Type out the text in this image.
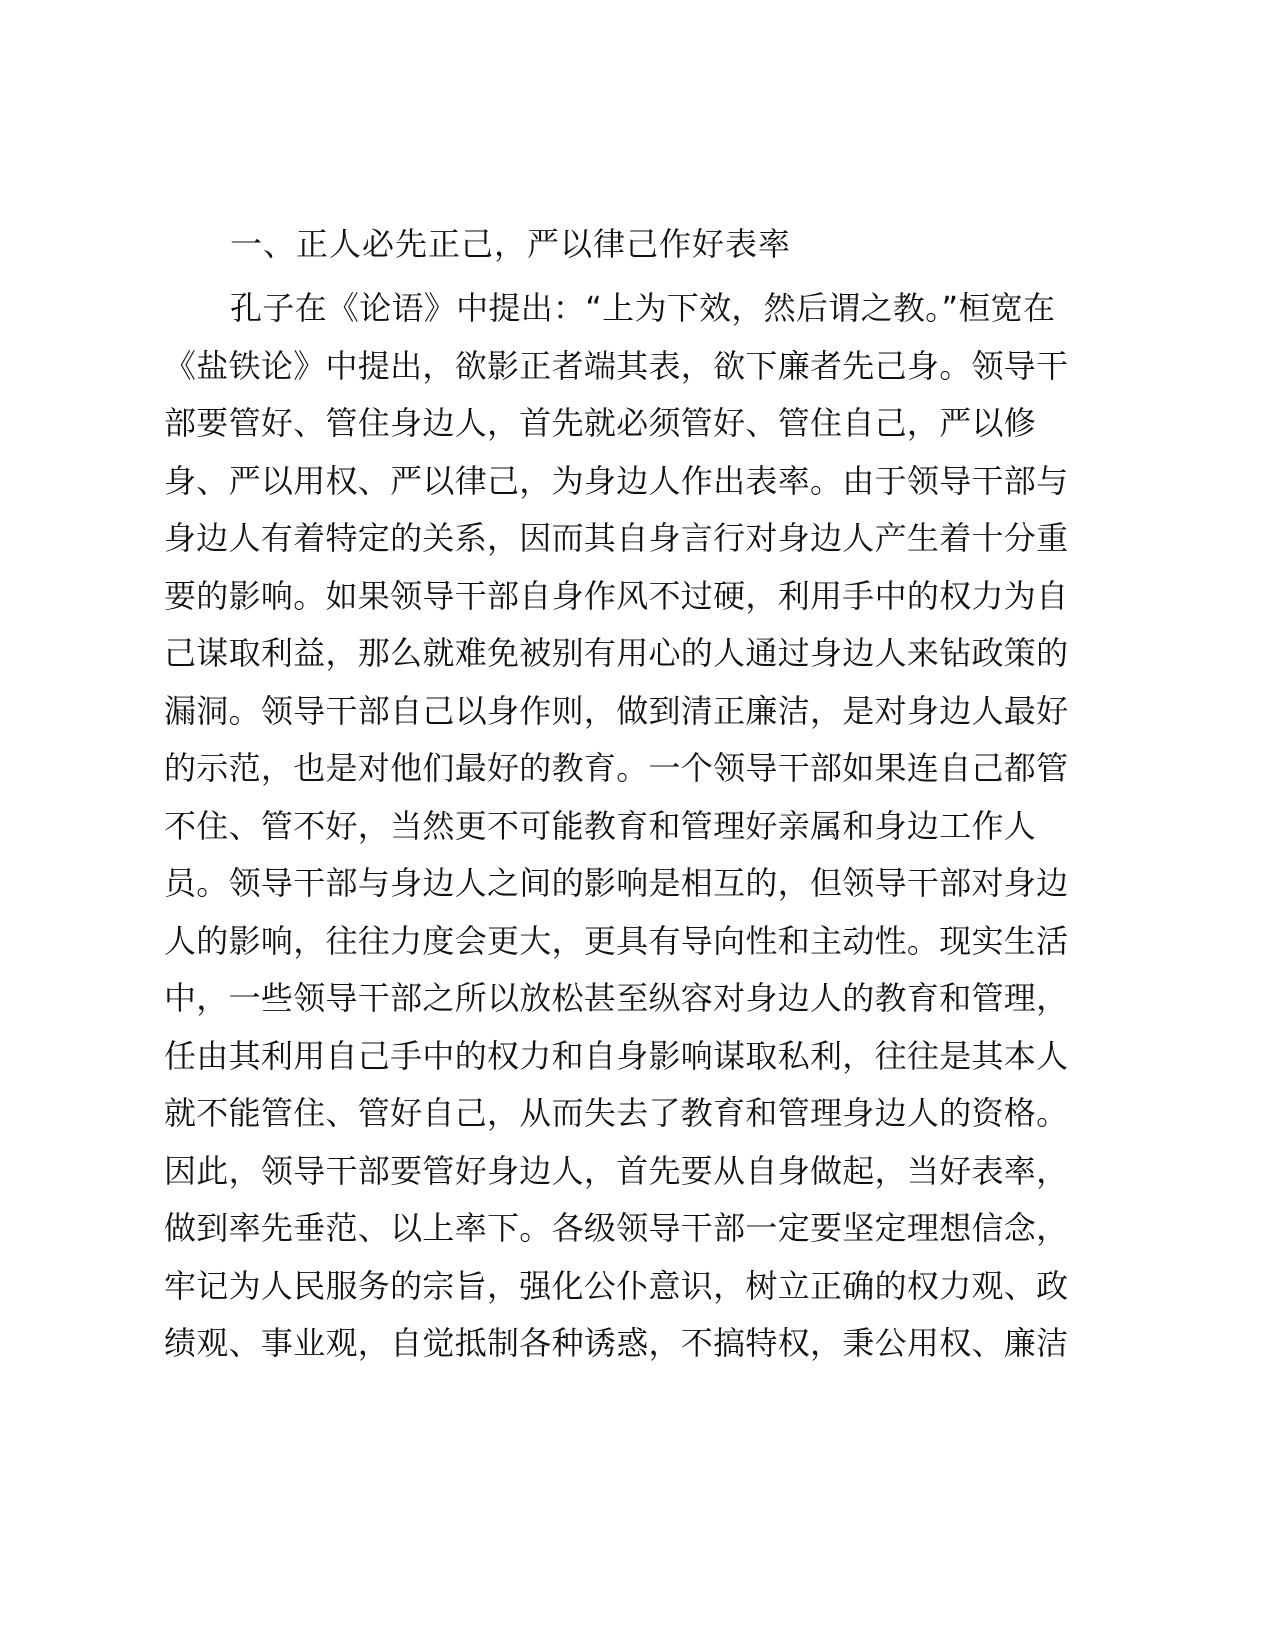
一、正人必先正己，严以律己作好表率
孔子在《论语》中提出：“上为下效，然后谓之教。”桓宽在
《盐铁论》中提出，欲影正者端其表，欲下廉者先己身。领导干
部要管好、管住身边人，首先就必须管好、管住自己，严以修
身、严以用权、严以律己，为身边人作出表率。由于领导干部与
身边人有着特定的关系，因而其自身言行对身边人产生着十分重
要的影响。如果领导干部自身作风不过硬，利用手中的权力为自
己谋取利益，那么就难免被别有用心的人通过身边人来钻政策的
漏洞。领导干部自己以身作则，做到清正廉洁，是对身边人最好
的示范，也是对他们最好的教育。一个领导干部如果连自己都管
不住、管不好，当然更不可能教育和管理好亲属和身边工作人
员。领导干部与身边人之间的影响是相互的，但领导干部对身边
人的影响，往往力度会更大，更具有导向性和主动性。现实生活
中，一些领导干部之所以放松甚至纵容对身边人的教育和管理，
任由其利用自己手中的权力和自身影响谋取私利，往往是其本人
就不能管住、管好自己，从而失去了教育和管理身边人的资格。
因此，领导干部要管好身边人，首先要从自身做起，当好表率，
做到率先垂范、以上率下。各级领导干部一定要坚定理想信念，
牢记为人民服务的宗旨，强化公仆意识，树立正确的权力观、政
绩观、事业观，自觉抵制各种诱惑，不搞特权，秉公用权、廉洁
